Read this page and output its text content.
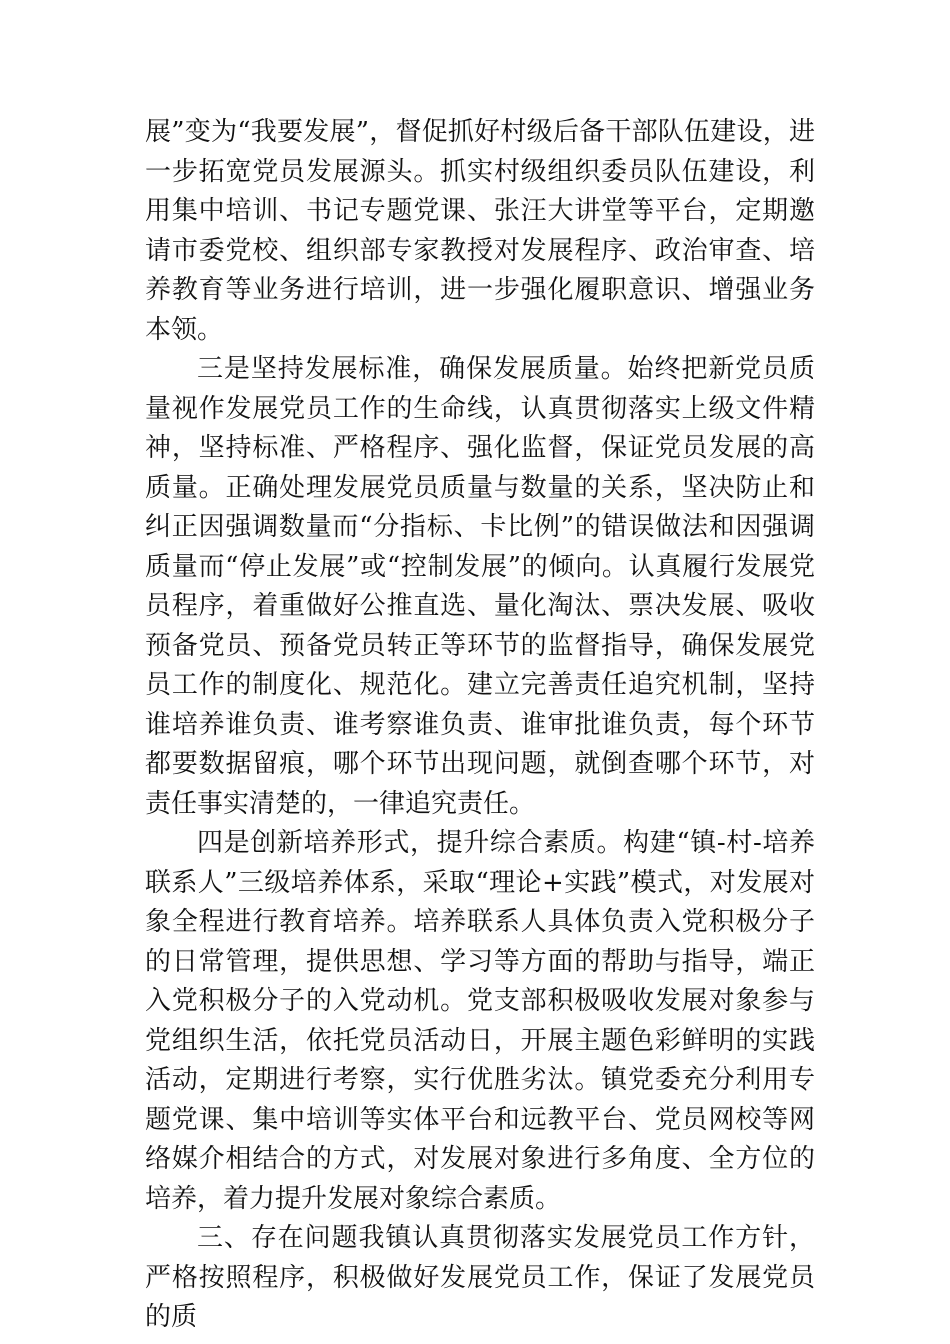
展”变为“我要发展”，督促抓好村级后备干部队伍建设，进一步拓宽党员发展源头。抓实村级组织委员队伍建设，利用集中培训、书记专题党课、张汪大讲堂等平台，定期邀请市委党校、组织部专家教授对发展程序、政治审查、培养教育等业务进行培训，进一步强化履职意识、增强业务本领。

三是坚持发展标准，确保发展质量。始终把新党员质量视作发展党员工作的生命线，认真贯彻落实上级文件精神，坚持标准、严格程序、强化监督，保证党员发展的高质量。正确处理发展党员质量与数量的关系，坚决防止和纠正因强调数量而“分指标、卡比例”的错误做法和因强调质量而“停止发展”或“控制发展”的倾向。认真履行发展党员程序，着重做好公推直选、量化淘汰、票决发展、吸收预备党员、预备党员转正等环节的监督指导，确保发展党员工作的制度化、规范化。建立完善责任追究机制，坚持谁培养谁负责、谁考察谁负责、谁审批谁负责，每个环节都要数据留痕，哪个环节出现问题，就倒查哪个环节，对责任事实清楚的，一律追究责任。

四是创新培养形式，提升综合素质。构建“镇-村-培养联系人”三级培养体系，采取“理论+实践”模式，对发展对象全程进行教育培养。培养联系人具体负责入党积极分子的日常管理，提供思想、学习等方面的帮助与指导，端正入党积极分子的入党动机。党支部积极吸收发展对象参与党组织生活，依托党员活动日，开展主题色彩鲜明的实践活动，定期进行考察，实行优胜劣汰。镇党委充分利用专题党课、集中培训等实体平台和远教平台、党员网校等网络媒介相结合的方式，对发展对象进行多角度、全方位的培养，着力提升发展对象综合素质。

三、存在问题我镇认真贯彻落实发展党员工作方针，严格按照程序，积极做好发展党员工作，保证了发展党员的质
